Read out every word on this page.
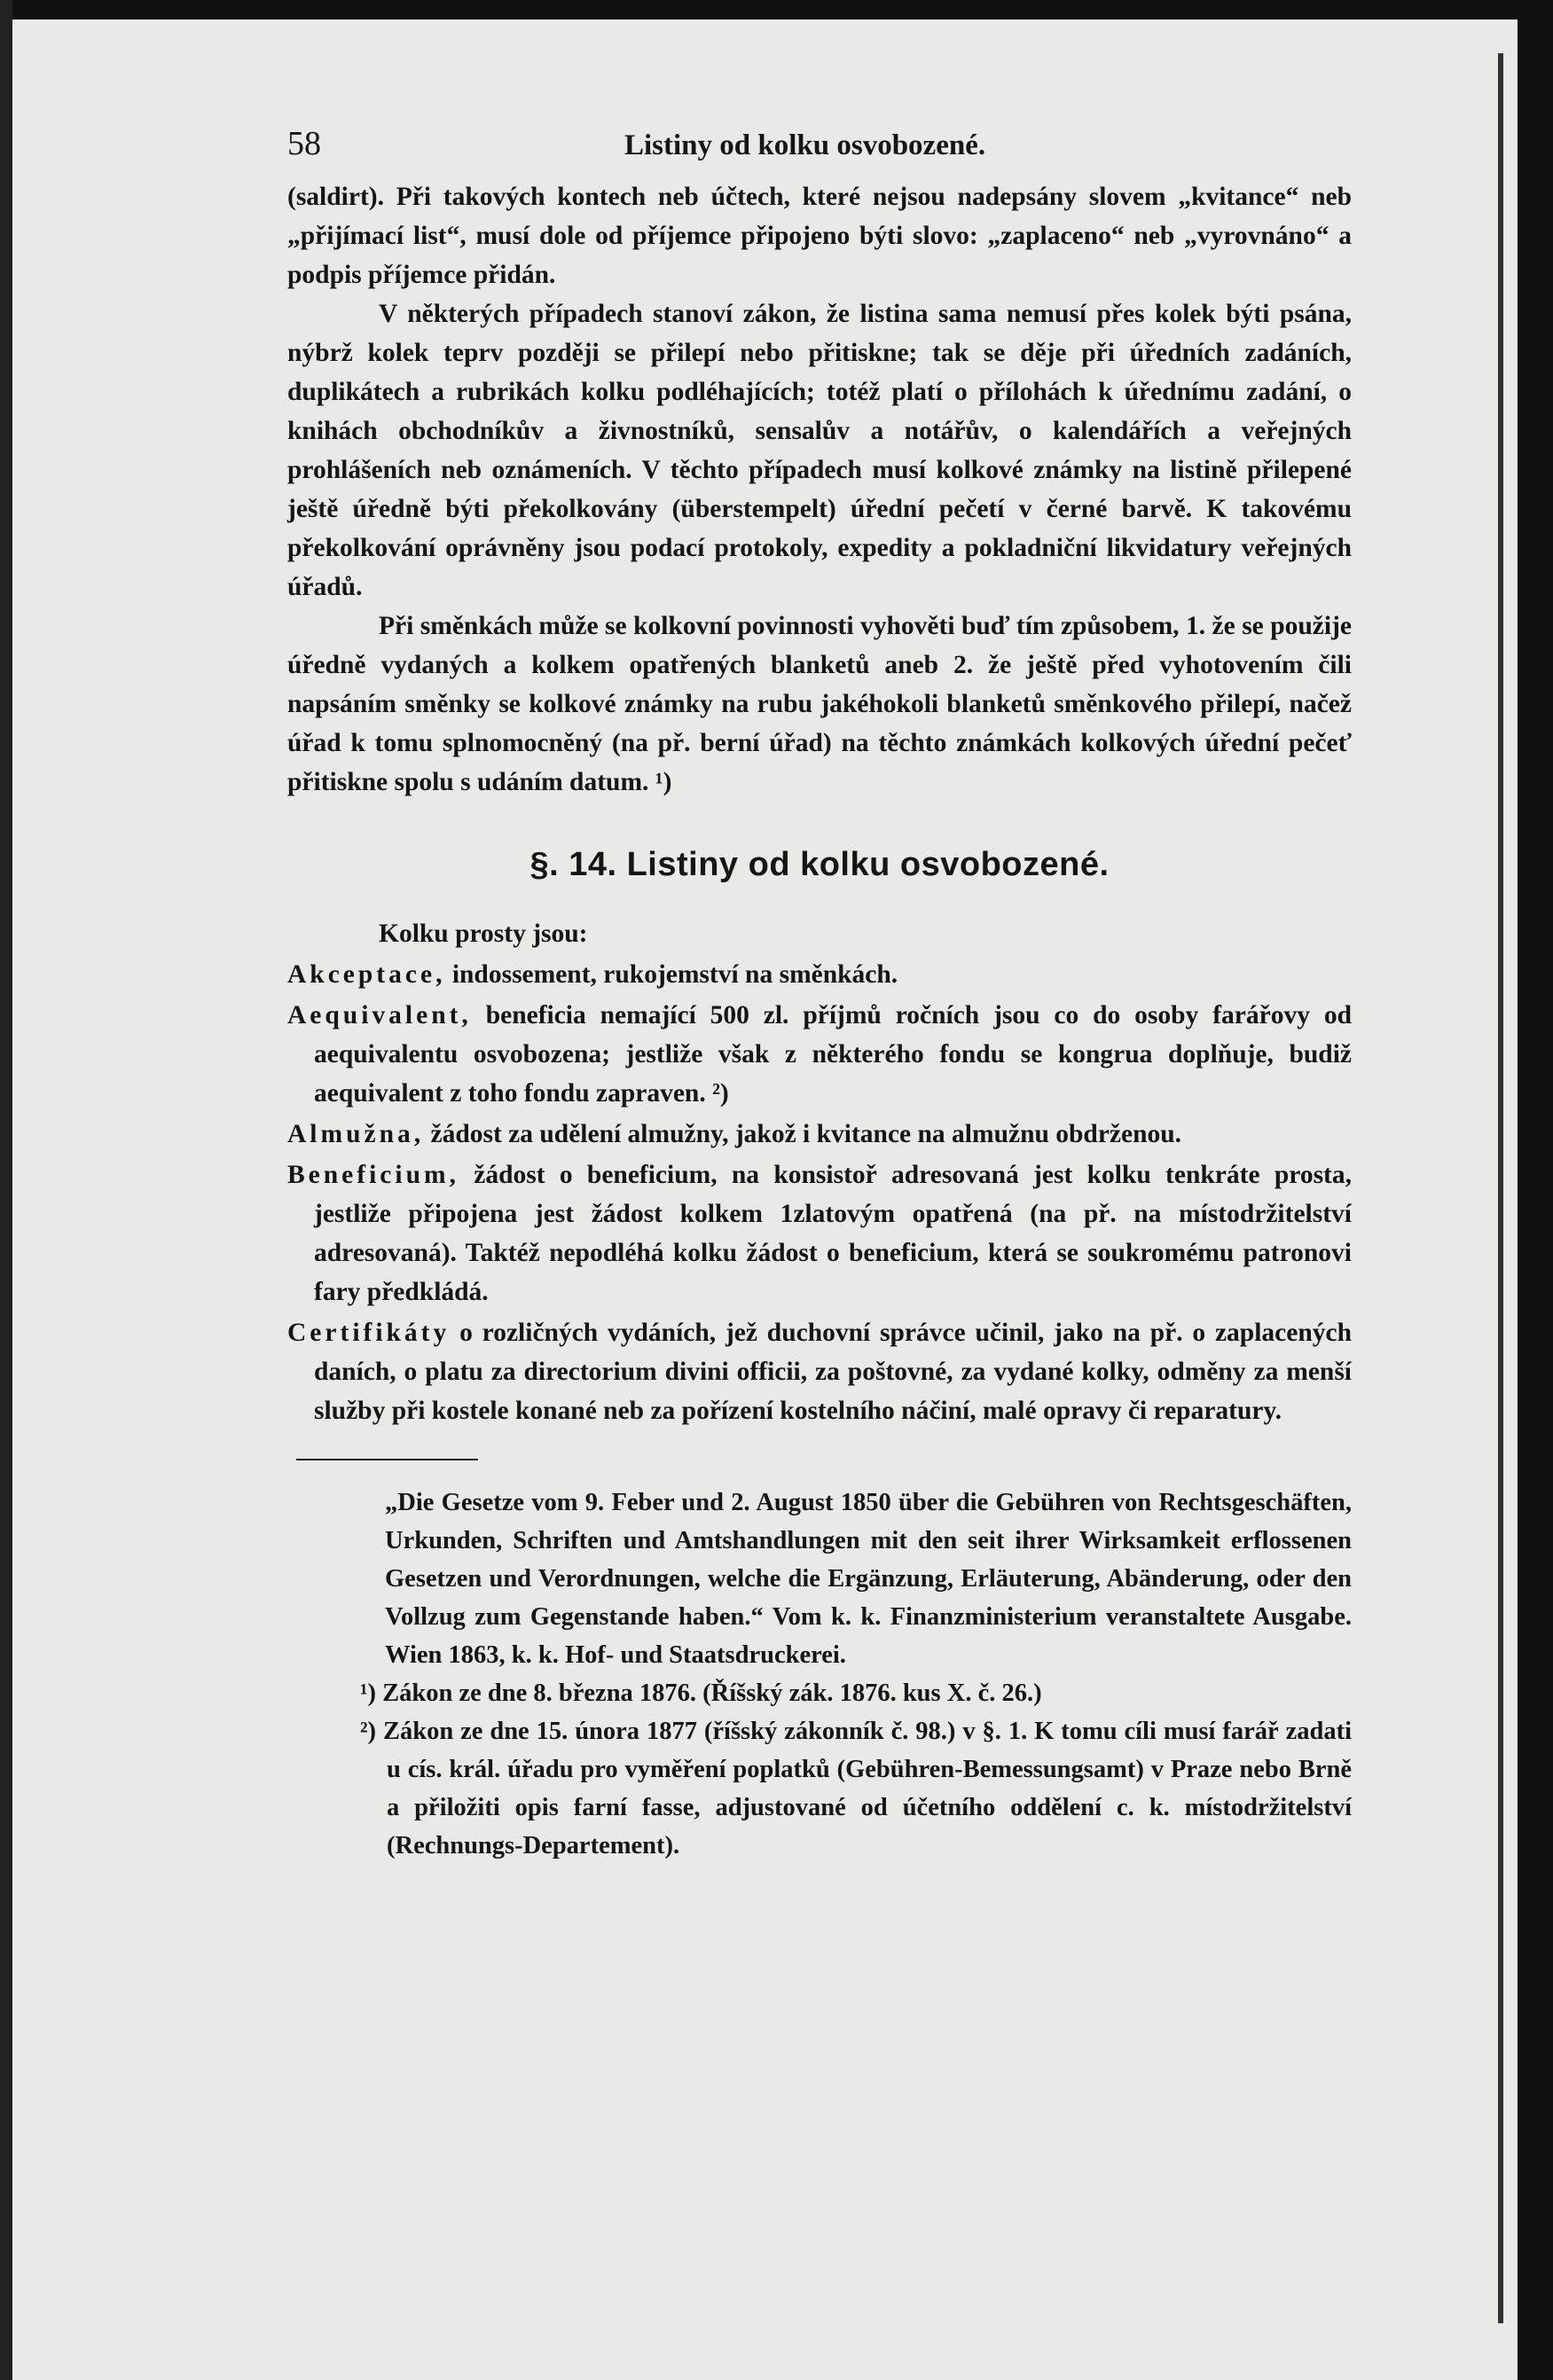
58	Listiny od kolku osvobozené.

(saldirt). Při takových kontech neb účtech, které nejsou nadepsány slovem „kvitance“ neb „přijímací list“, musí dole od příjemce připojeno býti slovo: „zaplaceno“ neb „vyrovnáno“ a podpis příjemce přidán.

V některých případech stanoví zákon, že listina sama nemusí přes kolek býti psána, nýbrž kolek teprv později se přilepí nebo přitiskne; tak se děje při úředních zadáních, duplikátech a rubrikách kolku podléhajících; totéž platí o přílohách k úřednímu zadání, o knihách obchodníkův a živnostníků, sensalův a notářův, o kalendářích a veřejných prohlášeních neb oznámeních. V těchto případech musí kolkové známky na listině přilepené ještě úředně býti překolkovány (überstempelt) úřední pečetí v černé barvě. K takovému překolkování oprávněny jsou podací protokoly, expedity a pokladniční likvidatury veřejných úřadů.

Při směnkách může se kolkovní povinnosti vyhověti buď tím způsobem, 1. že se použije úředně vydaných a kolkem opatřených blanketů aneb 2. že ještě před vyhotovením čili napsáním směnky se kolkové známky na rubu jakéhokoli blanketů směnkového přilepí, načež úřad k tomu splnomocněný (na př. berní úřad) na těchto známkách kolkových úřední pečeť přitiskne spolu s udáním datum. ¹)

§. 14. Listiny od kolku osvobozené.

Kolku prosty jsou:

Akceptace, indossement, rukojemství na směnkách.
Aequivalent, beneficia nemající 500 zl. příjmů ročních jsou co do osoby farářovy od aequivalentu osvobozena; jestliže však z některého fondu se kongrua doplňuje, budiž aequivalent z toho fondu zapraven. ²)
Almužna, žádost za udělení almužny, jakož i kvitance na almužnu obdrženou.
Beneficium, žádost o beneficium, na konsistoř adresovaná jest kolku tenkráte prosta, jestliže připojena jest žádost kolkem 1zlatovým opatřená (na př. na místodržitelství adresovaná). Taktéž nepodléhá kolku žádost o beneficium, která se soukromému patronovi fary předkládá.
Certifikáty o rozličných vydáních, jež duchovní správce učinil, jako na př. o zaplacených daních, o platu za directorium divini officii, za poštovné, za vydané kolky, odměny za menší služby při kostele konané neb za pořízení kostelního náčiní, malé opravy či reparatury.

„Die Gesetze vom 9. Feber und 2. August 1850 über die Gebühren von Rechtsgeschäften, Urkunden, Schriften und Amtshandlungen mit den seit ihrer Wirksamkeit erflossenen Gesetzen und Verordnungen, welche die Ergänzung, Erläuterung, Abänderung, oder den Vollzug zum Gegenstande haben.“ Vom k. k. Finanzministerium veranstaltete Ausgabe. Wien 1863, k. k. Hof- und Staatsdruckerei.

¹) Zákon ze dne 8. března 1876. (Říšský zák. 1876. kus X. č. 26.)

²) Zákon ze dne 15. února 1877 (říšský zákonník č. 98.) v §. 1. K tomu cíli musí farář zadati u cís. král. úřadu pro vyměření poplatků (Gebühren-Bemessungsamt) v Praze nebo Brně a přiložiti opis farní fasse, adjustované od účetního oddělení c. k. místodržitelství (Rechnungs-Departement).
